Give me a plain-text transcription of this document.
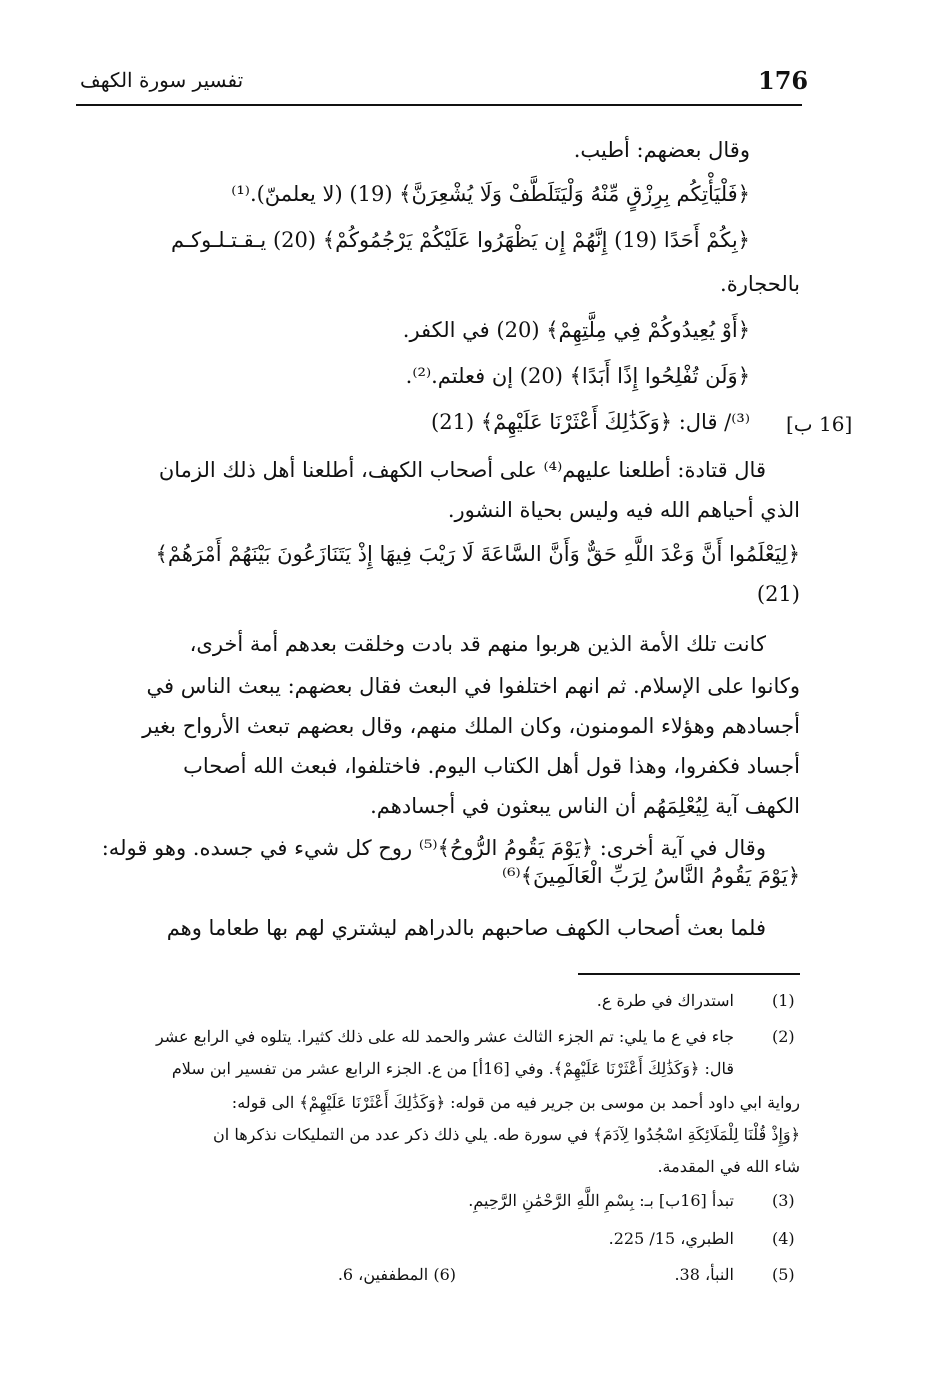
176
تفسير سورة الكهف
وقال بعضهم: أطيب.
﴿فَلْيَأْتِكُم بِرِزْقٍ مِّنْهُ وَلْيَتَلَطَّفْ وَلَا يُشْعِرَنَّ﴾ (19) (لا يعلمنّ).⁽¹⁾
﴿بِكُمْ أَحَدًا (19) إِنَّهُمْ إِن يَظْهَرُوا عَلَيْكُمْ يَرْجُمُوكُمْ﴾ (20) يـقـتـلـوكـم
بالحجارة.
﴿أَوْ يُعِيدُوكُمْ فِي مِلَّتِهِمْ﴾ (20) في الكفر.
﴿وَلَن تُفْلِحُوا إِذًا أَبَدًا﴾ (20) إن فعلتم.⁽²⁾.
[16 ب]
⁽³⁾/ قال: ﴿وَكَذَٰلِكَ أَعْثَرْنَا عَلَيْهِمْ﴾ (21)
قال قتادة: أطلعنا عليهم⁽⁴⁾ على أصحاب الكهف، أطلعنا أهل ذلك الزمان
الذي أحياهم الله فيه وليس بحياة النشور.
﴿لِيَعْلَمُوا أَنَّ وَعْدَ اللَّهِ حَقٌّ وَأَنَّ السَّاعَةَ لَا رَيْبَ فِيهَا إِذْ يَتَنَازَعُونَ بَيْنَهُمْ أَمْرَهُمْ﴾
(21)
كانت تلك الأمة الذين هربوا منهم قد بادت وخلقت بعدهم أمة أخرى،
وكانوا على الإسلام. ثم انهم اختلفوا في البعث فقال بعضهم: يبعث الناس في
أجسادهم وهؤلاء المومنون، وكان الملك منهم، وقال بعضهم تبعث الأرواح بغير
أجساد فكفروا، وهذا قول أهل الكتاب اليوم. فاختلفوا، فبعث الله أصحاب
الكهف آية لِيُعْلِمَهُم أن الناس يبعثون في أجسادهم.
وقال في آية أخرى: ﴿يَوْمَ يَقُومُ الرُّوحُ﴾⁽⁵⁾ روح كل شيء في جسده. وهو قوله:
﴿يَوْمَ يَقُومُ النَّاسُ لِرَبِّ الْعَالَمِينَ﴾⁽⁶⁾
فلما بعث أصحاب الكهف صاحبهم بالدراهم ليشتري لهم بها طعاما وهم
(1)
استدراك في طرة ع.
(2)
جاء في ع ما يلي: تم الجزء الثالث عشر والحمد لله على ذلك كثيرا. يتلوه في الرابع عشر
قال: ﴿وَكَذَٰلِكَ أَعْثَرْنَا عَلَيْهِمْ﴾. وفي [16أ] من ع. الجزء الرابع عشر من تفسير ابن سلام
رواية ابي داود أحمد بن موسى بن جرير فيه من قوله: ﴿وَكَذَٰلِكَ أَعْثَرْنَا عَلَيْهِمْ﴾ الى قوله:
﴿وَإِذْ قُلْنَا لِلْمَلَائِكَةِ اسْجُدُوا لِآدَمَ﴾ في سورة طه. يلي ذلك ذكر عدد من التمليكات نذكرها ان
شاء الله في المقدمة.
(3)
تبدأ [16ب] بـ: بِسْمِ اللَّهِ الرَّحْمَٰنِ الرَّحِيمِ.
(4)
الطبري، 15/ 225.
(5)
النبأ، 38.
(6) المطففين، 6.
